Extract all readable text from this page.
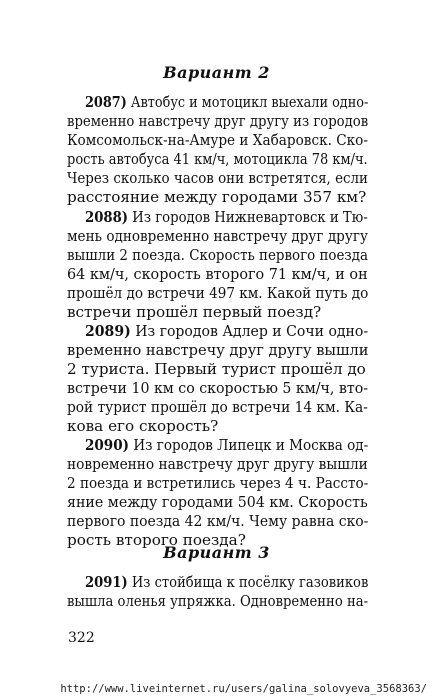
Вариант 2
2087) Автобус и мотоцикл выехали одно-
временно навстречу друг другу из городов
Комсомольск-на-Амуре и Хабаровск. Ско-
рость автобуса 41 км/ч, мотоцикла 78 км/ч.
Через сколько часов они встретятся, если
расстояние между городами 357 км?
2088) Из городов Нижневартовск и Тю-
мень одновременно навстречу друг другу
вышли 2 поезда. Скорость первого поезда
64 км/ч, скорость второго 71 км/ч, и он
прошёл до встречи 497 км. Какой путь до
встречи прошёл первый поезд?
2089) Из городов Адлер и Сочи одно-
временно навстречу друг другу вышли
2 туриста. Первый турист прошёл до
встречи 10 км со скоростью 5 км/ч, вто-
рой турист прошёл до встречи 14 км. Ка-
кова его скорость?
2090) Из городов Липецк и Москва од-
новременно навстречу друг другу вышли
2 поезда и встретились через 4 ч. Рассто-
яние между городами 504 км. Скорость
первого поезда 42 км/ч. Чему равна ско-
рость второго поезда?
Вариант 3
2091) Из стойбища к посёлку газовиков
вышла оленья упряжка. Одновременно на-
322
http://www.liveinternet.ru/users/galina_solovyeva_3568363/
